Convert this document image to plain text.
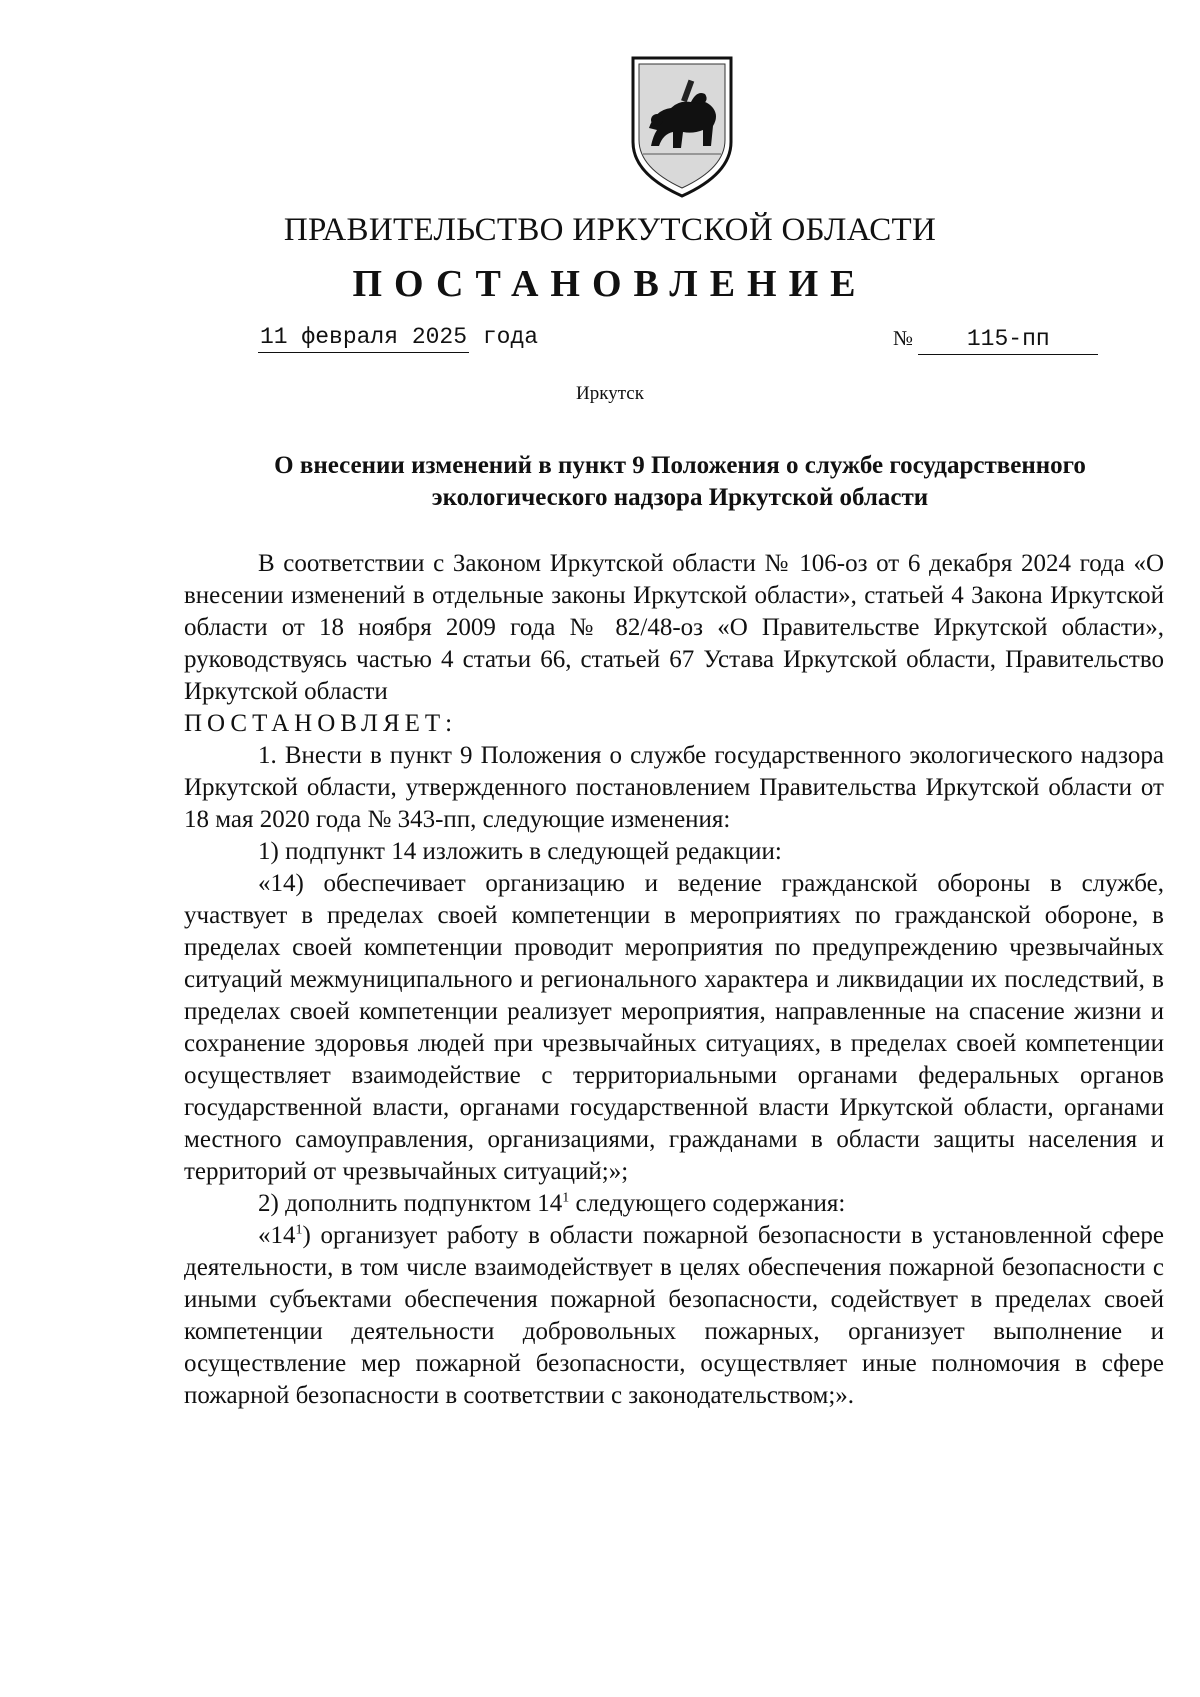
ПРАВИТЕЛЬСТВО ИРКУТСКОЙ ОБЛАСТИ
ПОСТАНОВЛЕНИЕ
11 февраля 2025 года	№ 115-пп
Иркутск
О внесении изменений в пункт 9 Положения о службе государственного
экологического надзора Иркутской области

В соответствии с Законом Иркутской области № 106-оз от 6 декабря 2024 года «О внесении изменений в отдельные законы Иркутской области», статьей 4 Закона Иркутской области от 18 ноября 2009 года № 82/48-оз «О Правительстве Иркутской области», руководствуясь частью 4 статьи 66, статьей 67 Устава Иркутской области, Правительство Иркутской области

ПОСТАНОВЛЯЕТ:

1. Внести в пункт 9 Положения о службе государственного экологического надзора Иркутской области, утвержденного постановлением Правительства Иркутской области от 18 мая 2020 года № 343-пп, следующие изменения:

1) подпункт 14 изложить в следующей редакции:

«14) обеспечивает организацию и ведение гражданской обороны в службе, участвует в пределах своей компетенции в мероприятиях по гражданской обороне, в пределах своей компетенции проводит мероприятия по предупреждению чрезвычайных ситуаций межмуниципального и регионального характера и ликвидации их последствий, в пределах своей компетенции реализует мероприятия, направленные на спасение жизни и сохранение здоровья людей при чрезвычайных ситуациях, в пределах своей компетенции осуществляет взаимодействие с территориальными органами федеральных органов государственной власти, органами государственной власти Иркутской области, органами местного самоуправления, организациями, гражданами в области защиты населения и территорий от чрезвычайных ситуаций;»;

2) дополнить подпунктом $14^1$ следующего содержания:

«$14^1$) организует работу в области пожарной безопасности в установленной сфере деятельности, в том числе взаимодействует в целях обеспечения пожарной безопасности с иными субъектами обеспечения пожарной безопасности, содействует в пределах своей компетенции деятельности добровольных пожарных, организует выполнение и осуществление мер пожарной безопасности, осуществляет иные полномочия в сфере пожарной безопасности в соответствии с законодательством;».
